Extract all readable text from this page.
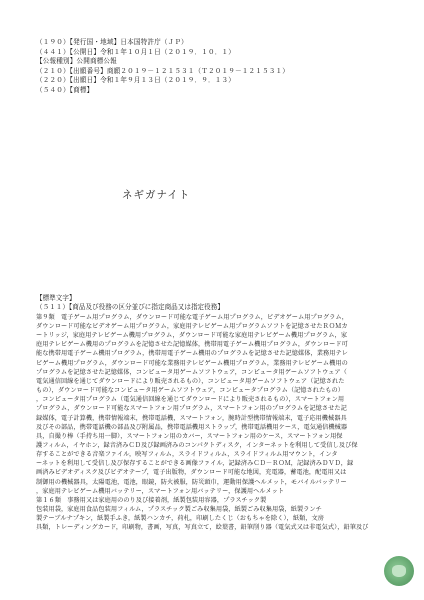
（１９０）【発行国・地域】日本国特許庁（ＪＰ）
（４４１）【公開日】令和１年１０月１日（２０１９．１０．１）
【公報種別】公開商標公報
（２１０）【出願番号】商願２０１９－１２１５３１（Ｔ２０１９－１２１５３１）
（２２０）【出願日】令和１年９月１３日（２０１９．９．１３）
（５４０）【商標】
ネギガナイト
【標準文字】
（５１１）【商品及び役務の区分並びに指定商品又は指定役務】
第９類　電子ゲーム用プログラム，ダウンロード可能な電子ゲーム用プログラム，ビデオゲーム用プログラム，
ダウンロード可能なビデオゲーム用プログラム，家庭用テレビゲーム用プログラムソフトを記憶させたＲＯＭカ
ートリッジ，家庭用テレビゲーム機用プログラム，ダウンロード可能な家庭用テレビゲーム機用プログラム，家
庭用テレビゲーム機用のプログラムを記憶させた記憶媒体，携帯用電子ゲーム機用プログラム，ダウンロード可
能な携帯用電子ゲーム機用プログラム，携帯用電子ゲーム機用のプログラムを記憶させた記憶媒体，業務用テレ
ビゲーム機用プログラム，ダウンロード可能な業務用テレビゲーム機用プログラム，業務用テレビゲーム機用の
プログラムを記憶させた記憶媒体，コンピュータ用ゲームソフトウェア，コンピュータ用ゲームソフトウェア（
電気通信回線を通じてダウンロードにより販売されるもの），コンピュータ用ゲームソフトウェア（記憶された
もの），ダウンロード可能なコンピュータ用ゲームソフトウェア，コンピュータプログラム（記憶されたもの）
，コンピュータ用プログラム（電気通信回線を通じてダウンロードにより販売されるもの），スマートフォン用
プログラム，ダウンロード可能なスマートフォン用プログラム，スマートフォン用のプログラムを記憶させた記
録媒体，電子計算機，携帯情報端末，携帯電話機，スマートフォン，腕時計型携帯情報端末，電子応用機械器具
及びその部品，携帯電話機の部品及び附属品，携帯電話機用ストラップ，携帯電話機用ケース，電気通信機械器
具，自撮り棒（手持ち用一脚），スマートフォン用のカバー，スマートフォン用のケース，スマートフォン用保
護フィルム，イヤホン，録音済みＣＤ及び録画済みのコンパクトディスク，インターネットを利用して受信し及び保
存することができる音楽ファイル，映写フィルム，スライドフィルム，スライドフィルム用マウント，インタ
ーネットを利用して受信し及び保存することができる画像ファイル，記録済みＣＤ－ＲＯＭ，記録済みＤＶＤ，録
画済みビデオディスク及びビデオテープ，電子出版物，ダウンロード可能な地図，充電器，蓄電池，配電用又は
制御用の機械器具，太陽電池，電池，眼鏡，防火被服，防災頭巾，運動用保護ヘルメット，モバイルバッテリー
，家庭用テレビゲーム機用バッテリー，スマートフォン用バッテリー，保護用ヘルメット
第１６類　事務用又は家庭用ののり及び接着剤，紙製包装用容器，プラスチック製
包装用袋，家庭用食品包装用フィルム，プラスチック製ごみ収集用袋，紙製ごみ収集用袋，紙製ランチ
製テーブルナプキン，紙製手ふき，紙製ハンカチ，荷札，印刷したくじ（おもちゃを除く），紙類，文房
具類，トレーディングカード，印刷物，書画，写真，写真立て，絵葉書，鉛筆削り器（電気式又は非電気式），鉛筆及び
